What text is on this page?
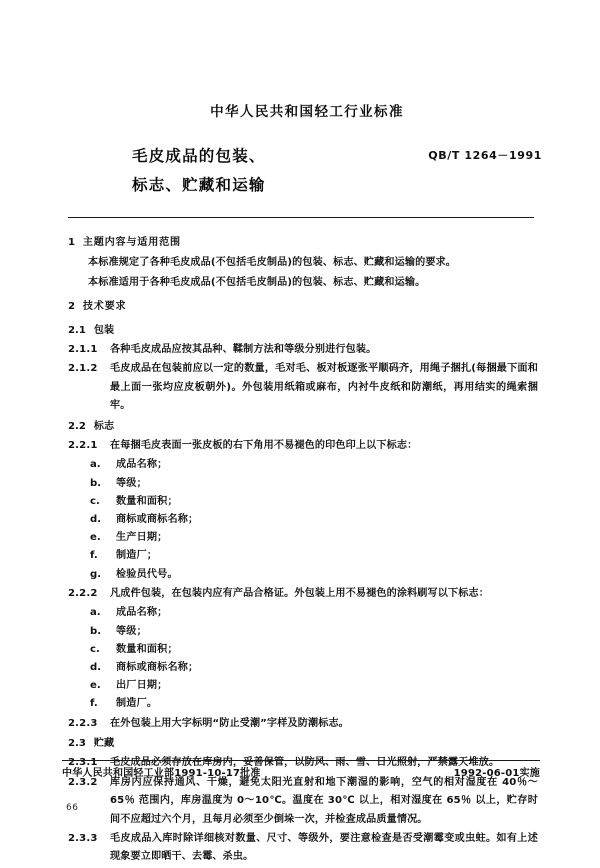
中华人民共和国轻工行业标准
毛皮成品的包装、
标志、贮藏和运输
QB/T 1264－1991
1 主题内容与适用范围
本标准规定了各种毛皮成品(不包括毛皮制品)的包装、标志、贮藏和运输的要求。
本标准适用于各种毛皮成品(不包括毛皮制品)的包装、标志、贮藏和运输。
2 技术要求
2.1 包装
2.1.1	各种毛皮成品应按其品种、鞣制方法和等级分别进行包装。
2.1.2	毛皮成品在包装前应以一定的数量，毛对毛、板对板逐张平顺码齐，用绳子捆扎(每捆最下面和最上面一张均应皮板朝外)。外包装用纸箱或麻布，内衬牛皮纸和防潮纸，再用结实的绳索捆牢。
2.2 标志
2.2.1	在每捆毛皮表面一张皮板的右下角用不易褪色的印色印上以下标志：
a.	成品名称；
b.	等级；
c.	数量和面积；
d.	商标或商标名称；
e.	生产日期；
f.	制造厂；
g.	检验员代号。
2.2.2	凡成件包装，在包装内应有产品合格证。外包装上用不易褪色的涂料刷写以下标志：
a.	成品名称；
b.	等级；
c.	数量和面积；
d.	商标或商标名称；
e.	出厂日期；
f.	制造厂。
2.2.3	在外包装上用大字标明“防止受潮”字样及防潮标志。
2.3 贮藏
2.3.1	毛皮成品必须存放在库房内，妥善保管，以防风、雨、雪、日光照射，严禁露天堆放。
2.3.2	库房内应保持通风、干燥，避免太阳光直射和地下潮湿的影响，空气的相对湿度在 40％～65％ 范围内，库房温度为 0～10℃。温度在 30℃ 以上，相对湿度在 65％ 以上，贮存时间不应超过六个月，且每月必须至少倒垛一次，并检查成品质量情况。
2.3.3	毛皮成品入库时除详细核对数量、尺寸、等级外，要注意检查是否受潮霉变或虫蛀。如有上述现象要立即晒干、去霉、杀虫。
中华人民共和国轻工业部1991-10-17批准	1992-06-01实施
66
